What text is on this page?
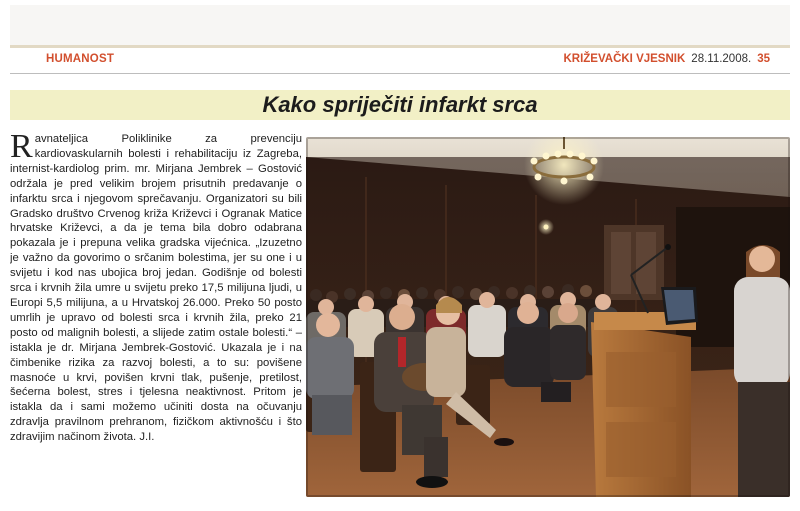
HUMANOST	KRIŽEVAČKI VJESNIK 28.11.2008. 35
Kako spriječiti infarkt srca
Ravnateljica Poliklinike za prevenciju kardiovaskularnih bolesti i rehabilitaciju iz Zagreba, internist-kardiolog prim. mr. Mirjana Jembrek – Gostović održala je pred velikim brojem prisutnih predavanje o infarktu srca i njegovom sprečavanju. Organizatori su bili Gradsko društvo Crvenog križa Križevci i Ogranak Matice hrvatske Križevci, a da je tema bila dobro odabrana pokazala je i prepuna velika gradska vijećnica. „Izuzetno je važno da govorimo o srčanim bolestima, jer su one i u svijetu i kod nas ubojica broj jedan. Godišnje od bolesti srca i krvnih žila umre u svijetu preko 17,5 milijuna ljudi, u Europi 5,5 milijuna, a u Hrvatskoj 26.000. Preko 50 posto umrlih je upravo od bolesti srca i krvnih žila, preko 21 posto od malignih bolesti, a slijede zatim ostale bolesti.“ – istakla je dr. Mirjana Jembrek-Gostović. Ukazala je i na čimbenike rizika za razvoj bolesti, a to su: povišene masnoće u krvi, povišen krvni tlak, pušenje, pretilost, šećerna bolest, stres i tjelesna neaktivnost. Pritom je istakla da i sami možemo učiniti dosta na očuvanju zdravlja pravilnom prehranom, fizičkom aktivnošću i što zdravijim načinom života. J.I.
